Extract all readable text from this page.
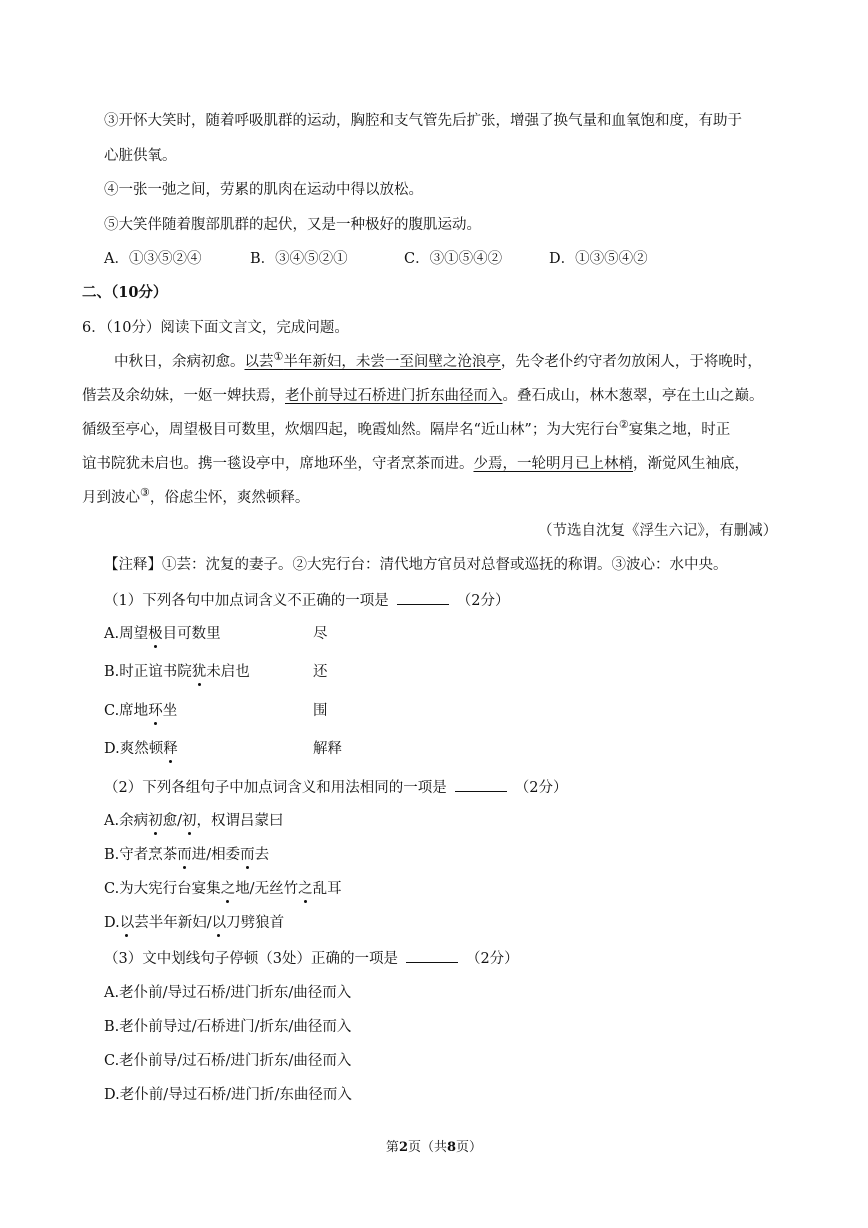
③开怀大笑时，随着呼吸肌群的运动，胸腔和支气管先后扩张，增强了换气量和血氧饱和度，有助于
心脏供氧。
④一张一弛之间，劳累的肌肉在运动中得以放松。
⑤大笑伴随着腹部肌群的起伏，又是一种极好的腹肌运动。
A．①③⑤②④	B．③④⑤②①	C．③①⑤④②	D．①③⑤④②
二、（10分）
6．（10分）阅读下面文言文，完成问题。
中秋日，余病初愈。以芸①半年新妇，未尝一至间壁之沧浪亭，先令老仆约守者勿放闲人，于将晚时，
偕芸及余幼妹，一妪一婢扶焉，老仆前导过石桥进门折东曲径而入。叠石成山，林木葱翠，亭在土山之巅。
循级至亭心，周望极目可数里，炊烟四起，晚霞灿然。隔岸名“近山林”；为大宪行台②宴集之地，时正
谊书院犹未启也。携一毯设亭中，席地环坐，守者烹茶而进。少焉，一轮明月已上林梢，渐觉风生袖底，
月到波心③，俗虑尘怀，爽然顿释。
（节选自沈复《浮生六记》，有删减）
【注释】①芸：沈复的妻子。②大宪行台：清代地方官员对总督或巡抚的称谓。③波心：水中央。
（1）下列各句中加点词含义不正确的一项是	（2分）
A.周望极目可数里	尽
B.时正谊书院犹未启也	还
C.席地环坐	围
D.爽然顿释	解释
（2）下列各组句子中加点词含义和用法相同的一项是	（2分）
A.余病初愈/初，权谓吕蒙曰
B.守者烹茶而进/相委而去
C.为大宪行台宴集之地/无丝竹之乱耳
D.以芸半年新妇/以刀劈狼首
（3）文中划线句子停顿（3处）正确的一项是	（2分）
A.老仆前/导过石桥/进门折东/曲径而入
B.老仆前导过/石桥进门/折东/曲径而入
C.老仆前导/过石桥/进门折东/曲径而入
D.老仆前/导过石桥/进门折/东曲径而入
第2页（共8页）
